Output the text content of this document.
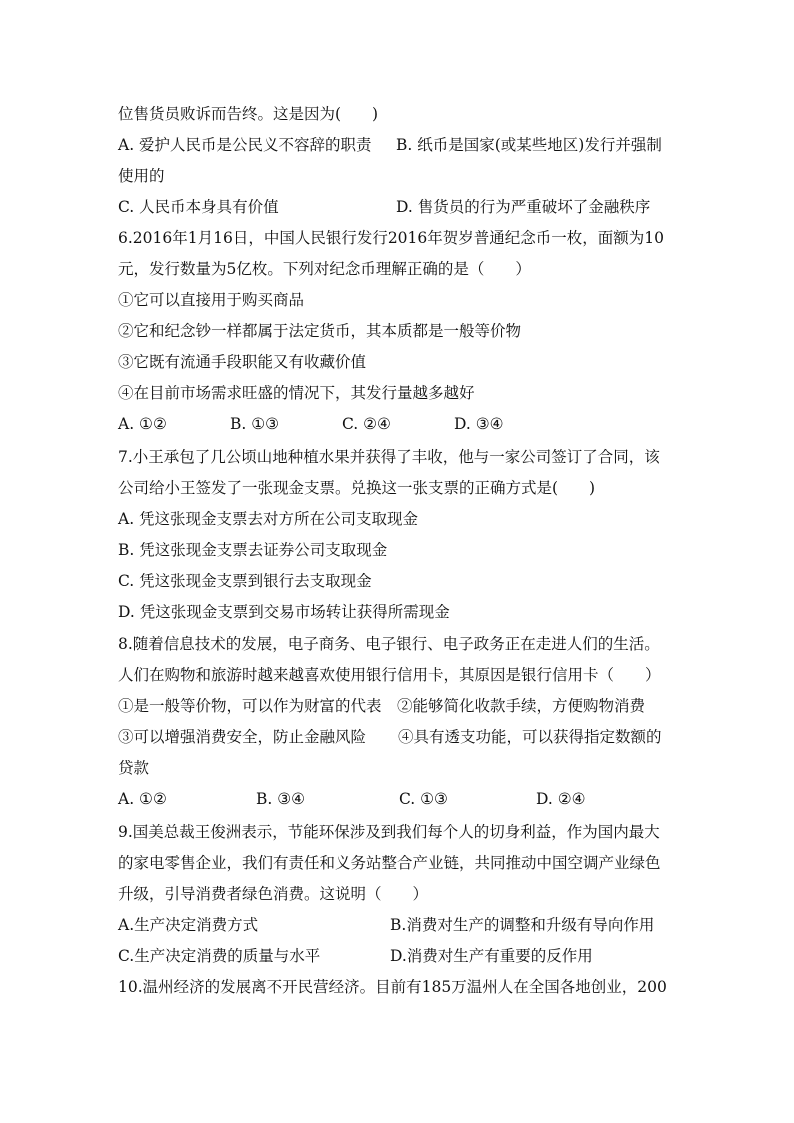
位售货员败诉而告终。这是因为(　　)
A. 爱护人民币是公民义不容辞的职责 B. 纸币是国家(或某些地区)发行并强制
使用的
C. 人民币本身具有价值	D. 售货员的行为严重破坏了金融秩序
6.2016年1月16日，中国人民银行发行2016年贺岁普通纪念币一枚，面额为10
元，发行数量为5亿枚。下列对纪念币理解正确的是（　　）
①它可以直接用于购买商品
②它和纪念钞一样都属于法定货币，其本质都是一般等价物
③它既有流通手段职能又有收藏价值
④在目前市场需求旺盛的情况下，其发行量越多越好
A. ①②	B. ①③	C. ②④	D. ③④
7.小王承包了几公顷山地种植水果并获得了丰收，他与一家公司签订了合同，该
公司给小王签发了一张现金支票。兑换这一张支票的正确方式是(　　)
A. 凭这张现金支票去对方所在公司支取现金
B. 凭这张现金支票去证券公司支取现金
C. 凭这张现金支票到银行去支取现金
D. 凭这张现金支票到交易市场转让获得所需现金
8.随着信息技术的发展，电子商务、电子银行、电子政务正在走进人们的生活。
人们在购物和旅游时越来越喜欢使用银行信用卡，其原因是银行信用卡（　　）
①是一般等价物，可以作为财富的代表 ②能够简化收款手续，方便购物消费
③可以增强消费安全，防止金融风险 ④具有透支功能，可以获得指定数额的
贷款
A. ①②	B. ③④	C. ①③	D. ②④
9.国美总裁王俊洲表示，节能环保涉及到我们每个人的切身利益，作为国内最大
的家电零售企业，我们有责任和义务站整合产业链，共同推动中国空调产业绿色
升级，引导消费者绿色消费。这说明（　　）
A.生产决定消费方式	B.消费对生产的调整和升级有导向作用
C.生产决定消费的质量与水平	D.消费对生产有重要的反作用
10.温州经济的发展离不开民营经济。目前有185万温州人在全国各地创业，200
